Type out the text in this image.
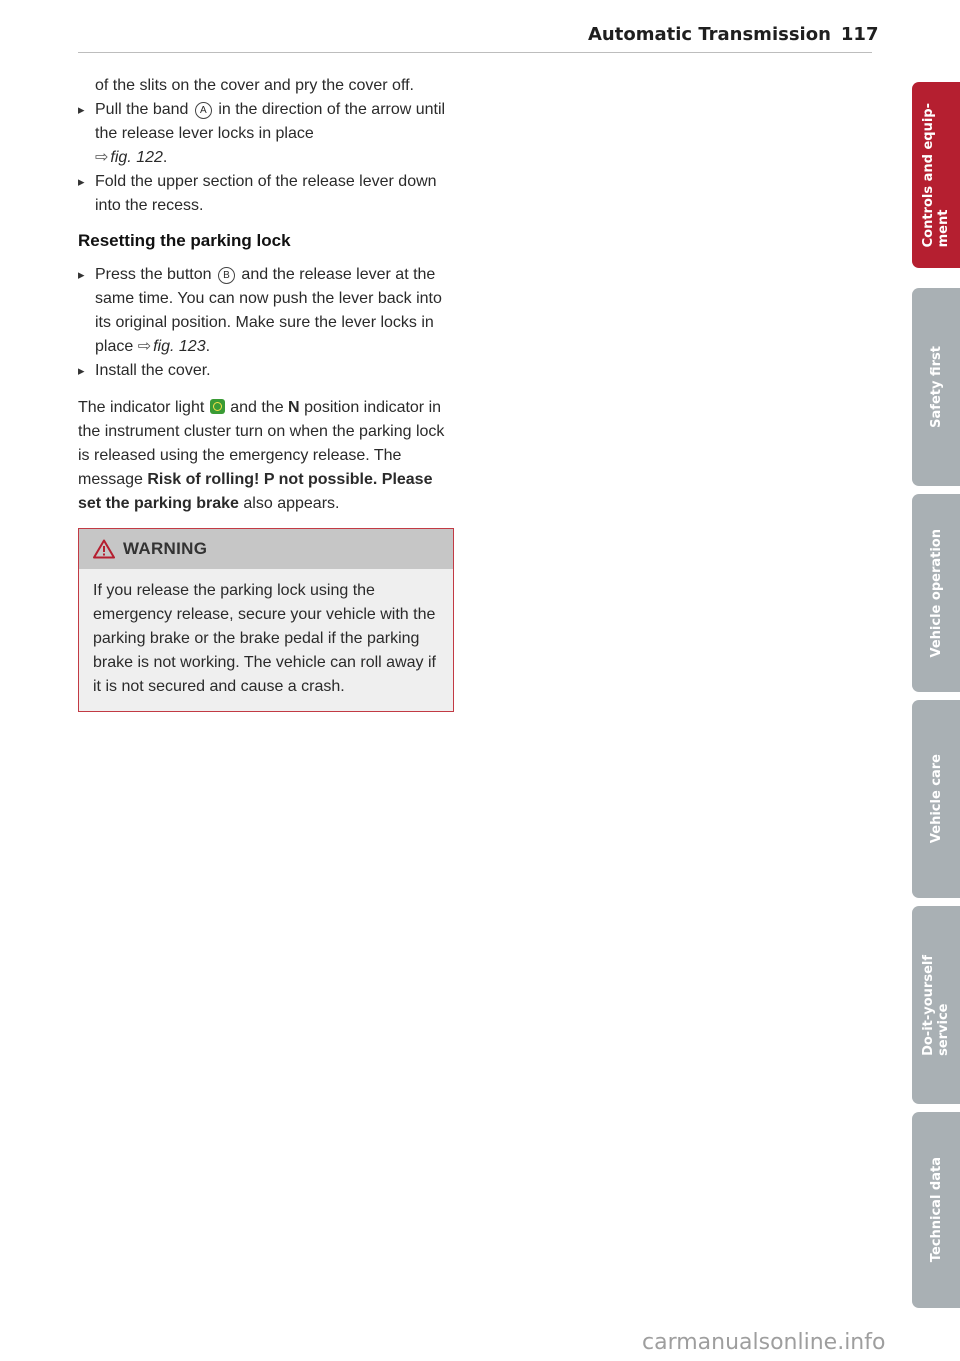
Automatic Transmission 117

of the slits on the cover and pry the cover off.

▸ Pull the band A in the direction of the arrow until the release lever locks in place
⇨ fig. 122.

▸ Fold the upper section of the release lever down into the recess.

Resetting the parking lock

▸ Press the button B and the release lever at the same time. You can now push the lever back into its original position. Make sure the lever locks in place ⇨ fig. 123.

▸ Install the cover.

The indicator light and the N position indicator in the instrument cluster turn on when the parking lock is released using the emergency release. The message Risk of rolling! P not possible. Please set the parking brake also appears.

WARNING
If you release the parking lock using the emergency release, secure your vehicle with the parking brake or the brake pedal if the parking brake is not working. The vehicle can roll away if it is not secured and cause a crash.
Controls and equip-
ment
Safety first
Vehicle operation
Vehicle care
Do-it-yourself
service
Technical data
carmanualsonline.info
